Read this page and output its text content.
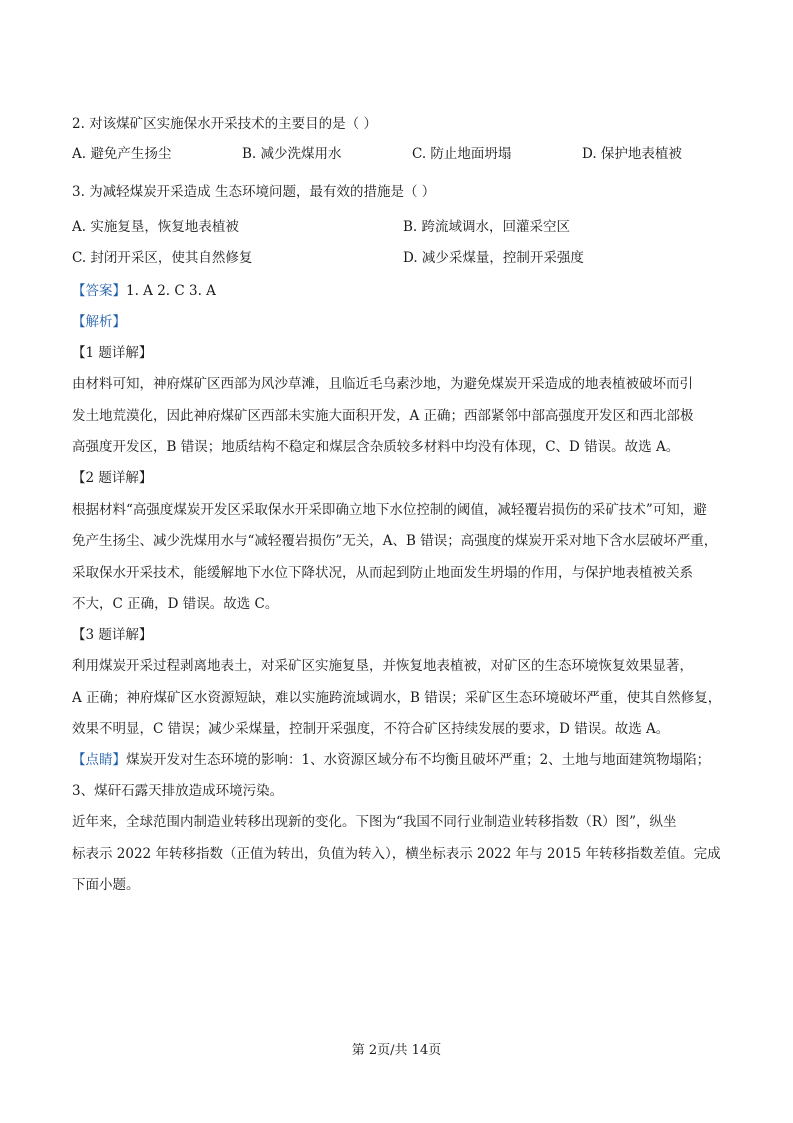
2. 对该煤矿区实施保水开采技术的主要目的是（ ）
A. 避免产生扬尘	B. 减少洗煤用水	C. 防止地面坍塌	D. 保护地表植被
3. 为减轻煤炭开采造成 生态环境问题，最有效的措施是（ ）
A. 实施复垦，恢复地表植被	B. 跨流域调水，回灌采空区
C. 封闭开采区，使其自然修复	D. 减少采煤量，控制开采强度
【答案】1. A 2. C 3. A
【解析】
【1 题详解】
由材料可知，神府煤矿区西部为风沙草滩，且临近毛乌素沙地，为避免煤炭开采造成的地表植被破坏而引
发土地荒漠化，因此神府煤矿区西部未实施大面积开发，A 正确；西部紧邻中部高强度开发区和西北部极
高强度开发区，B 错误；地质结构不稳定和煤层含杂质较多材料中均没有体现，C、D 错误。故选 A。
【2 题详解】
根据材料“高强度煤炭开发区采取保水开采即确立地下水位控制的阈值，减轻覆岩损伤的采矿技术”可知，避
免产生扬尘、减少洗煤用水与“减轻覆岩损伤”无关，A、B 错误；高强度的煤炭开采对地下含水层破坏严重，
采取保水开采技术，能缓解地下水位下降状况，从而起到防止地面发生坍塌的作用，与保护地表植被关系
不大，C 正确，D 错误。故选 C。
【3 题详解】
利用煤炭开采过程剥离地表土，对采矿区实施复垦，并恢复地表植被，对矿区的生态环境恢复效果显著，
A 正确；神府煤矿区水资源短缺，难以实施跨流域调水，B 错误；采矿区生态环境破坏严重，使其自然修复，
效果不明显，C 错误；减少采煤量，控制开采强度，不符合矿区持续发展的要求，D 错误。故选 A。
【点睛】煤炭开发对生态环境的影响：1、水资源区域分布不均衡且破坏严重；2、土地与地面建筑物塌陷；
3、煤矸石露天排放造成环境污染。
近年来，全球范围内制造业转移出现新的变化。下图为“我国不同行业制造业转移指数（R）图”，纵坐
标表示 2022 年转移指数（正值为转出，负值为转入），横坐标表示 2022 年与 2015 年转移指数差值。完成
下面小题。
第 2页/共 14页
